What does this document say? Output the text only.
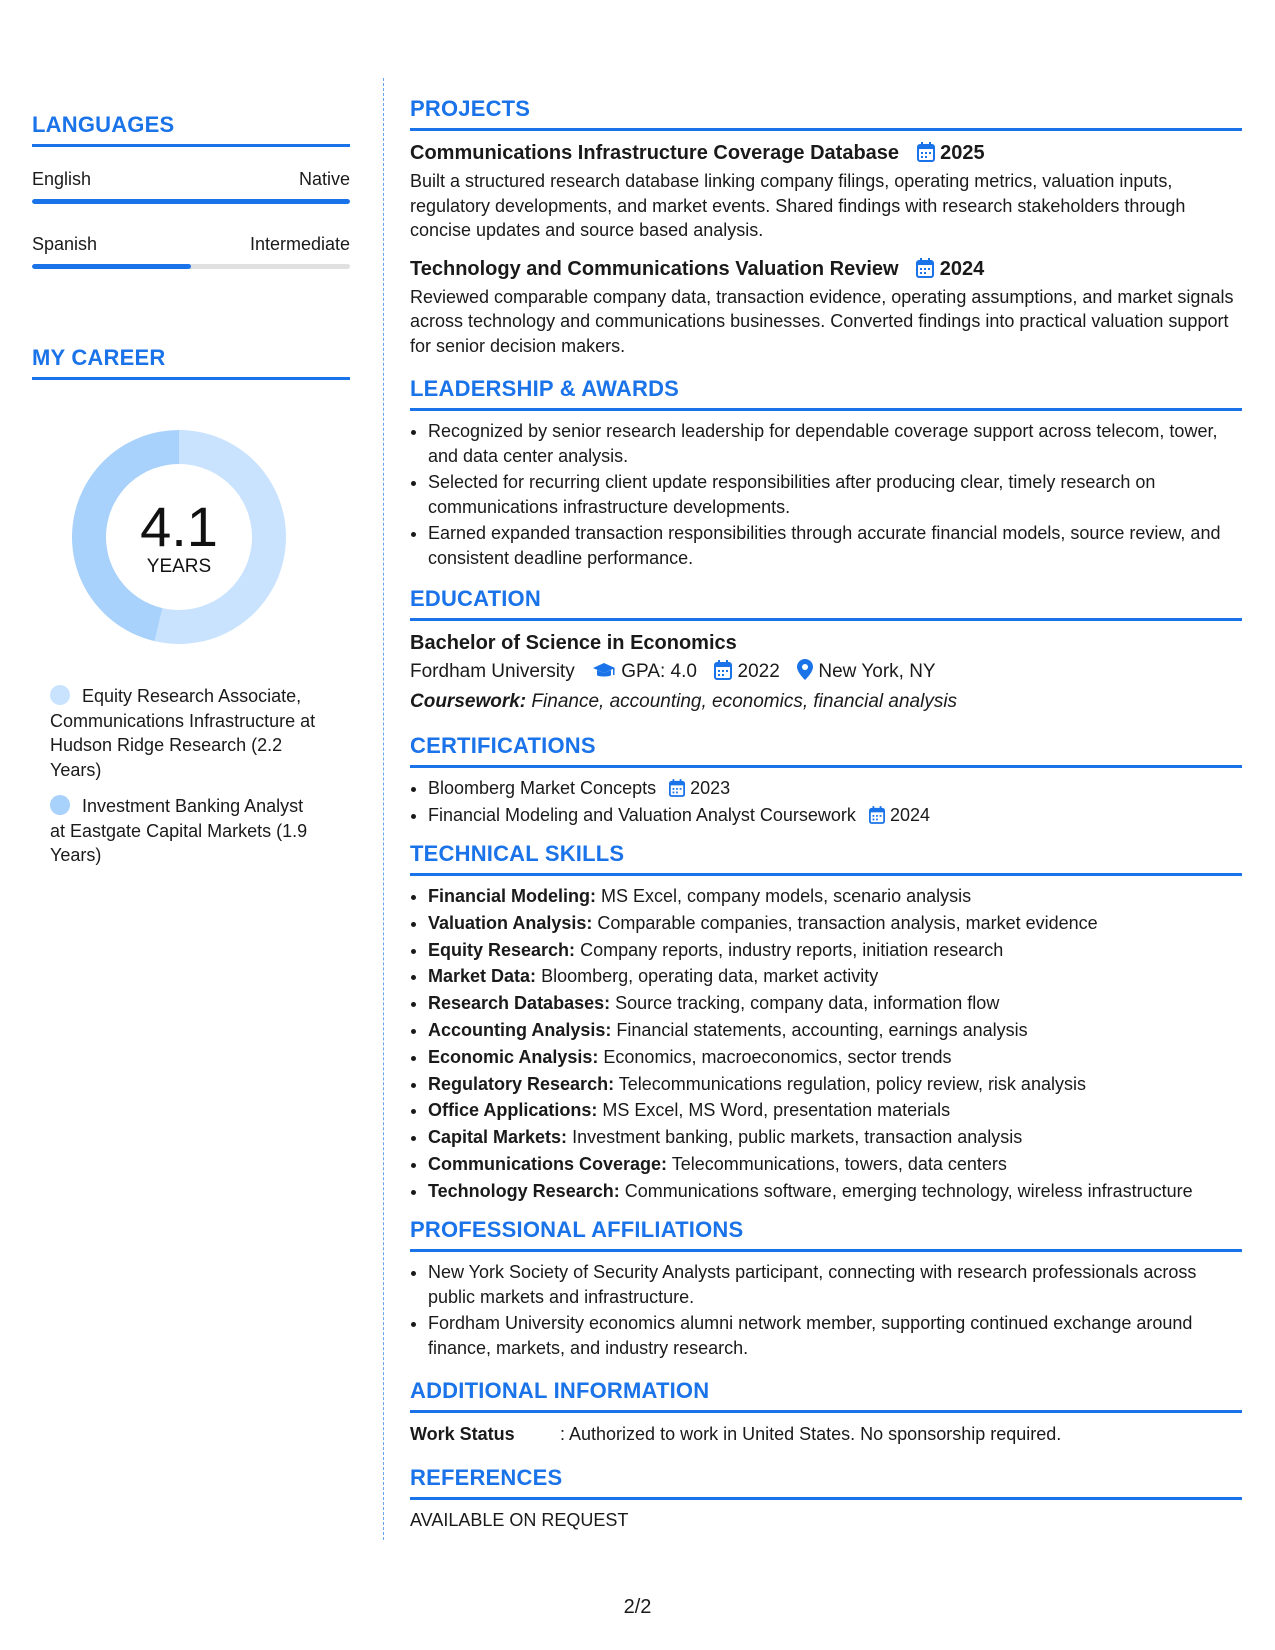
LANGUAGES
English	Native
Spanish	Intermediate
MY CAREER
4.1
YEARS
Equity Research Associate, Communications Infrastructure at Hudson Ridge Research (2.2 Years)
Investment Banking Analyst at Eastgate Capital Markets (1.9 Years)
PROJECTS

Communications Infrastructure Coverage Database 2025

Built a structured research database linking company filings, operating metrics, valuation inputs, regulatory developments, and market events. Shared findings with research stakeholders through concise updates and source based analysis.

Technology and Communications Valuation Review 2024

Reviewed comparable company data, transaction evidence, operating assumptions, and market signals across technology and communications businesses. Converted findings into practical valuation support for senior decision makers.

LEADERSHIP & AWARDS
• Recognized by senior research leadership for dependable coverage support across telecom, tower, and data center analysis.
• Selected for recurring client update responsibilities after producing clear, timely research on communications infrastructure developments.
• Earned expanded transaction responsibilities through accurate financial models, source review, and consistent deadline performance.
EDUCATION

Bachelor of Science in Economics

Fordham University GPA: 4.0 2022 New York, NY
Coursework: Finance, accounting, economics, financial analysis
CERTIFICATIONS
• Bloomberg Market Concepts 2023
• Financial Modeling and Valuation Analyst Coursework 2024
TECHNICAL SKILLS
• Financial Modeling: MS Excel, company models, scenario analysis
• Valuation Analysis: Comparable companies, transaction analysis, market evidence
• Equity Research: Company reports, industry reports, initiation research
• Market Data: Bloomberg, operating data, market activity
• Research Databases: Source tracking, company data, information flow
• Accounting Analysis: Financial statements, accounting, earnings analysis
• Economic Analysis: Economics, macroeconomics, sector trends
• Regulatory Research: Telecommunications regulation, policy review, risk analysis
• Office Applications: MS Excel, MS Word, presentation materials
• Capital Markets: Investment banking, public markets, transaction analysis
• Communications Coverage: Telecommunications, towers, data centers
• Technology Research: Communications software, emerging technology, wireless infrastructure
PROFESSIONAL AFFILIATIONS
• New York Society of Security Analysts participant, connecting with research professionals across public markets and infrastructure.
• Fordham University economics alumni network member, supporting continued exchange around finance, markets, and industry research.
ADDITIONAL INFORMATION
Work Status	: Authorized to work in United States. No sponsorship required.
REFERENCES
AVAILABLE ON REQUEST
2/2
